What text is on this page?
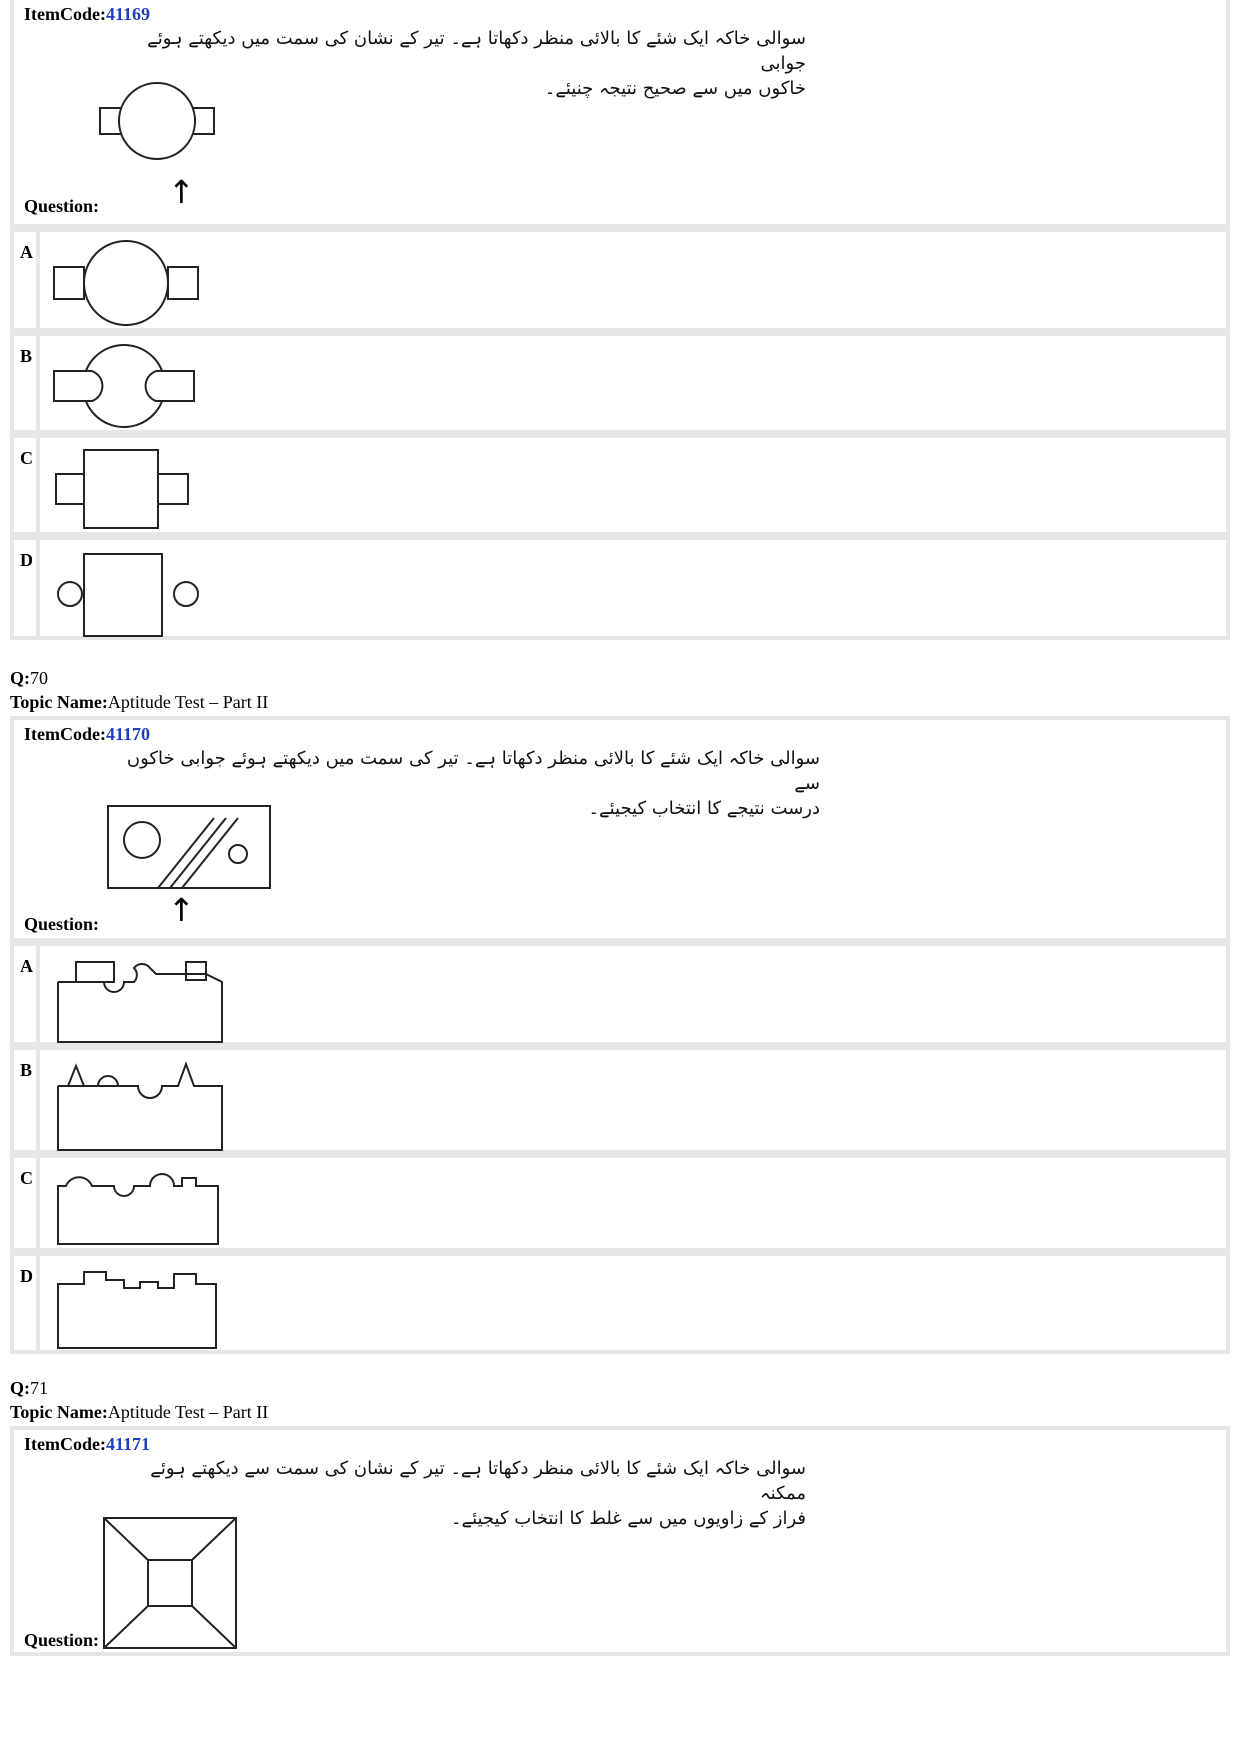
ItemCode:41169
سوالی خاکہ ایک شئے کا بالائی منظر دکھاتا ہے۔ تیر کے نشان کی سمت میں دیکھتے ہوئے جوابی
خاکوں میں سے صحیح نتیجہ چنیئے۔
↑
Question:
A
B
C
D
Q:70
Topic Name:Aptitude Test – Part II
ItemCode:41170
سوالی خاکہ ایک شئے کا بالائی منظر دکھاتا ہے۔ تیر کی سمت میں دیکھتے ہوئے جوابی خاکوں سے
درست نتیجے کا انتخاب کیجیئے۔
↑
Question:
A
B
C
D
Q:71
Topic Name:Aptitude Test – Part II
ItemCode:41171
سوالی خاکہ ایک شئے کا بالائی منظر دکھاتا ہے۔ تیر کے نشان کی سمت سے دیکھتے ہوئے ممکنہ
فراز کے زاویوں میں سے غلط کا انتخاب کیجیئے۔
Question:
